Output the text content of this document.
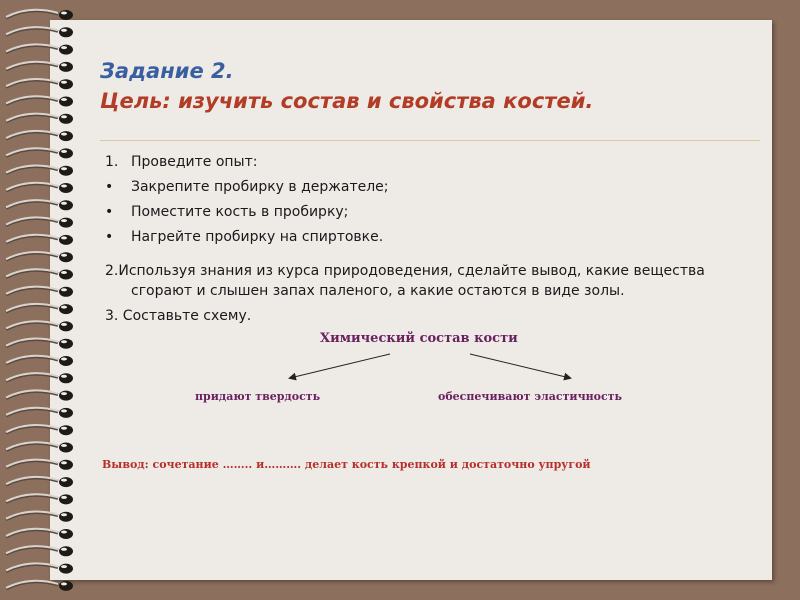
Задание 2.
Цель: изучить состав и свойства костей.
1. Проведите опыт:
•	Закрепите пробирку в держателе;
•	Поместите кость в пробирку;
•	Нагрейте пробирку на спиртовке.
2.Используя знания из курса природоведения, сделайте вывод, какие вещества
сгорают и слышен запах паленого, а какие остаются в виде золы.
3. Составьте схему.
Химический состав кости
придают твердость	обеспечивают эластичность
Вывод: сочетание …….. и………. делает кость крепкой и достаточно упругой
